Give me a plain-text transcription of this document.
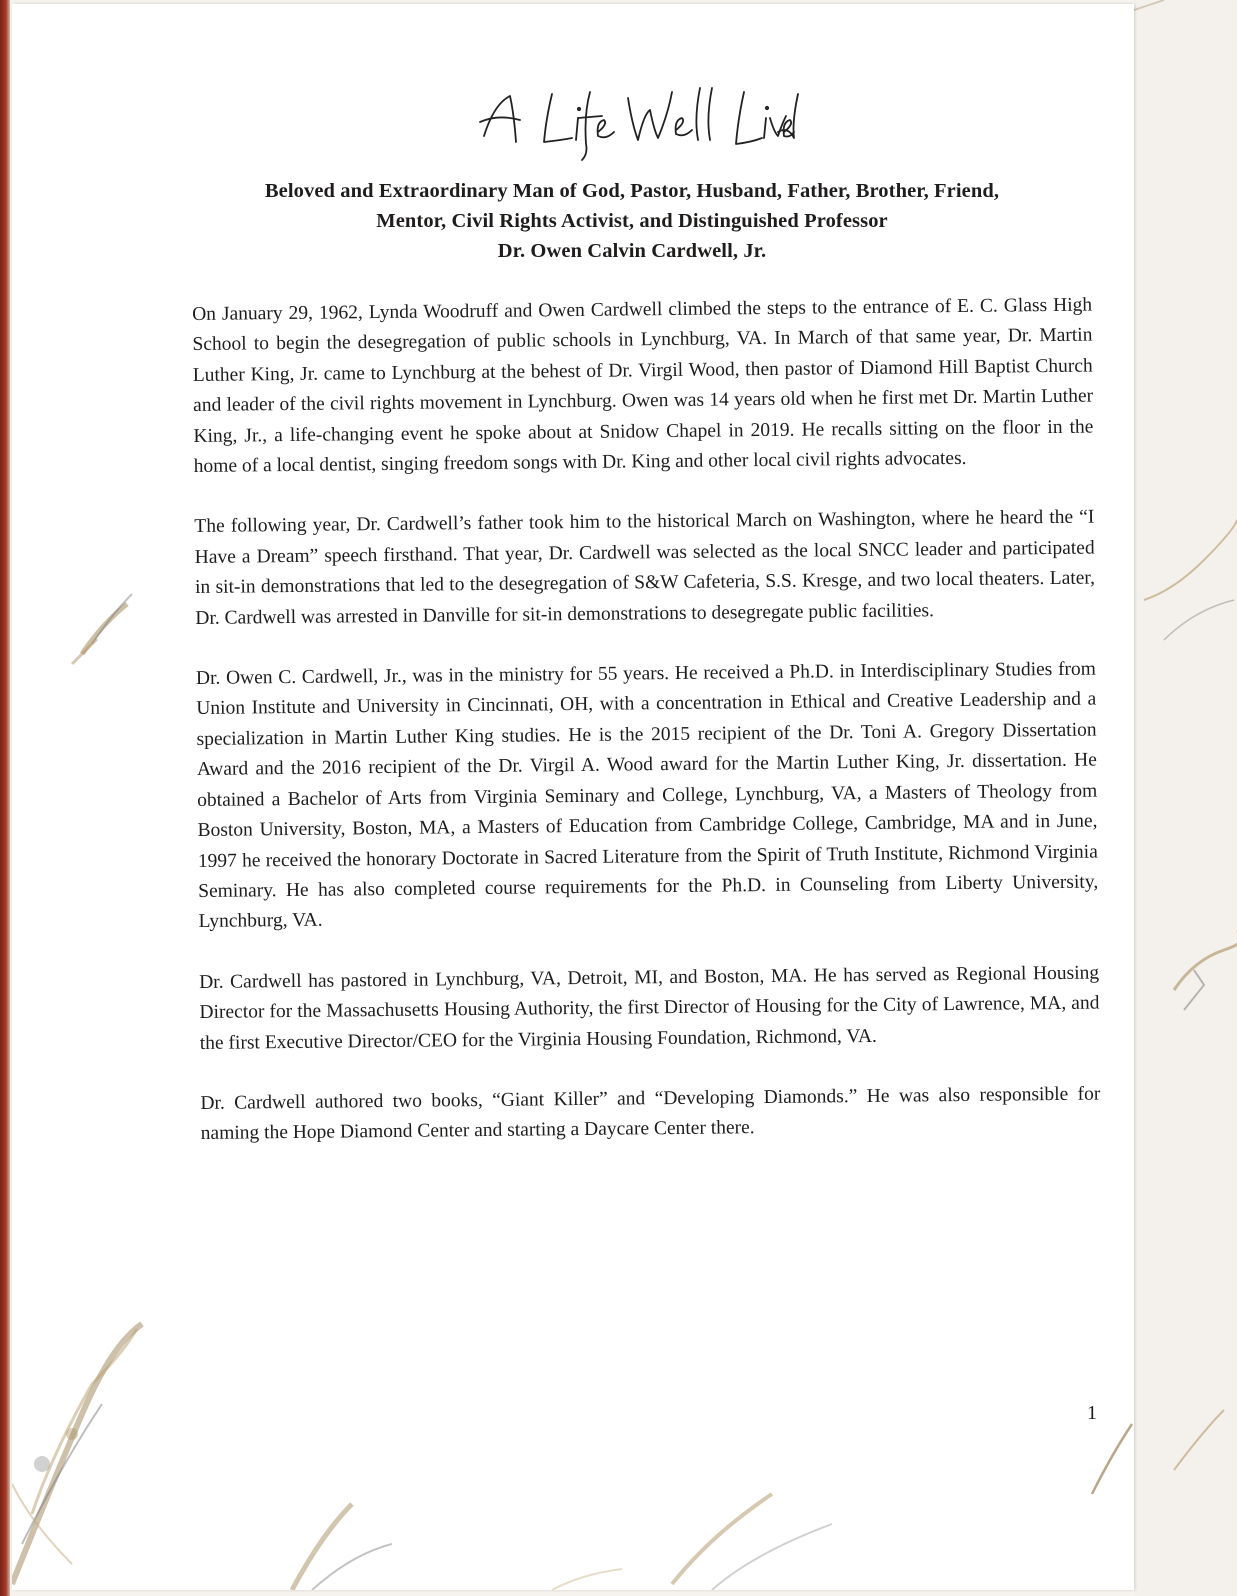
Beloved and Extraordinary Man of God, Pastor, Husband, Father, Brother, Friend,
Mentor, Civil Rights Activist, and Distinguished Professor
Dr. Owen Calvin Cardwell, Jr.

On January 29, 1962, Lynda Woodruff and Owen Cardwell climbed the steps to the entrance of E. C. Glass High School to begin the desegregation of public schools in Lynchburg, VA. In March of that same year, Dr. Martin Luther King, Jr. came to Lynchburg at the behest of Dr. Virgil Wood, then pastor of Diamond Hill Baptist Church and leader of the civil rights movement in Lynchburg. Owen was 14 years old when he first met Dr. Martin Luther King, Jr., a life-changing event he spoke about at Snidow Chapel in 2019. He recalls sitting on the floor in the home of a local dentist, singing freedom songs with Dr. King and other local civil rights advocates.

The following year, Dr. Cardwell’s father took him to the historical March on Washington, where he heard the “I Have a Dream” speech firsthand. That year, Dr. Cardwell was selected as the local SNCC leader and participated in sit-in demonstrations that led to the desegregation of S&W Cafeteria, S.S. Kresge, and two local theaters. Later, Dr. Cardwell was arrested in Danville for sit-in demonstrations to desegregate public facilities.

Dr. Owen C. Cardwell, Jr., was in the ministry for 55 years. He received a Ph.D. in Interdisciplinary Studies from Union Institute and University in Cincinnati, OH, with a concentration in Ethical and Creative Leadership and a specialization in Martin Luther King studies. He is the 2015 recipient of the Dr. Toni A. Gregory Dissertation Award and the 2016 recipient of the Dr. Virgil A. Wood award for the Martin Luther King, Jr. dissertation. He obtained a Bachelor of Arts from Virginia Seminary and College, Lynchburg, VA, a Masters of Theology from Boston University, Boston, MA, a Masters of Education from Cambridge College, Cambridge, MA and in June, 1997 he received the honorary Doctorate in Sacred Literature from the Spirit of Truth Institute, Richmond Virginia Seminary. He has also completed course requirements for the Ph.D. in Counseling from Liberty University, Lynchburg, VA.

Dr. Cardwell has pastored in Lynchburg, VA, Detroit, MI, and Boston, MA. He has served as Regional Housing Director for the Massachusetts Housing Authority, the first Director of Housing for the City of Lawrence, MA, and the first Executive Director/CEO for the Virginia Housing Foundation, Richmond, VA.

Dr. Cardwell authored two books, “Giant Killer” and “Developing Diamonds.” He was also responsible for naming the Hope Diamond Center and starting a Daycare Center there.

1
